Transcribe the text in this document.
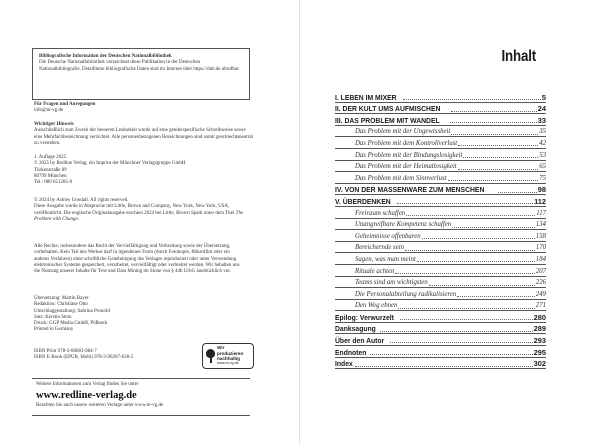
Bibliografische Information der Deutschen Nationalbibliothek
Die Deutsche Nationalbibliothek verzeichnet diese Publikation in der Deutschen Nationalbibliografie. Detaillierte bibliografische Daten sind im Internet über https://dnb.de abrufbar.
Für Fragen und Anregungen
info@m-vg.de
Wichtiger Hinweis
Ausschließlich zum Zweck der besseren Lesbarkeit wurde auf eine genderspezifische Schreibweise sowie eine Mehrfachbezeichnung verzichtet. Alle personenbezogenen Bezeichnungen sind somit geschlechtsneutral zu verstehen.
1. Auflage 2025
© 2025 by Redline Verlag, ein Imprint der Münchner Verlagsgruppe GmbH
Türkenstraße 89
80799 München
Tel.: 089 651285-0
© 2024 by Ashley Goodall. All rights reserved.
Diese Ausgabe wurde in Absprache mit Little, Brown and Company, New York, New York, USA, veröffentlicht. Die englische Originalausgabe erschien 2024 bei Little, Brown Spark unter dem Titel The Problem with Change.
Alle Rechte, insbesondere das Recht der Vervielfältigung und Verbreitung sowie der Übersetzung, vorbehalten. Kein Teil des Werkes darf in irgendeiner Form (durch Fotokopie, Mikrofilm oder ein anderes Verfahren) ohne schriftliche Genehmigung des Verlages reproduziert oder unter Verwendung elektronischer Systeme gespeichert, verarbeitet, vervielfältigt oder verbreitet werden. Wir behalten uns die Nutzung unserer Inhalte für Text und Data Mining im Sinne von § 44b UrhG ausdrücklich vor.
Übersetzung: Martin Bayer
Redaktion: Christiane Otto
Umschlaggestaltung: Sabrina Pronold
Satz: Kerstin Stein
Druck: GGP Media GmbH, Pößneck
Printed in Germany
ISBN Print 978-3-86881-984-7
ISBN E-Book (EPUB, Mobi) 978-3-96267-628-5
Wir produzieren
nachhaltig
www.m-vg.de
Weitere Informationen zum Verlag finden Sie unter
www.redline-verlag.de
Beachten Sie auch unsere weiteren Verlage unter www.m-vg.de
Inhalt
I. LEBEN IM MIXER	5
II. DER KULT UMS AUFMISCHEN	24
III. DAS PROBLEM MIT WANDEL	33
Das Problem mit der Ungewissheit	35
Das Problem mit dem Kontrollverlust	42
Das Problem mit der Bindungslosigkeit	53
Das Problem mit der Heimatlosigkeit	65
Das Problem mit dem Sinnverlust	75
IV. VON DER MASSENWARE ZUM MENSCHEN	98
V. ÜBERDENKEN	112
Freiraum schaffen	117
Unangreifbare Kompetenz schaffen	134
Geheimnisse offenbaren	158
Bereichernde sein	170
Sagen, was man meint	184
Rituale achten	207
Teams sind am wichtigsten	226
Die Personalabteilung radikalisieren	249
Den Weg ebnen	271
Epilog: Verwurzelt	280
Danksagung	289
Über den Autor	293
Endnoten	295
Index	302
